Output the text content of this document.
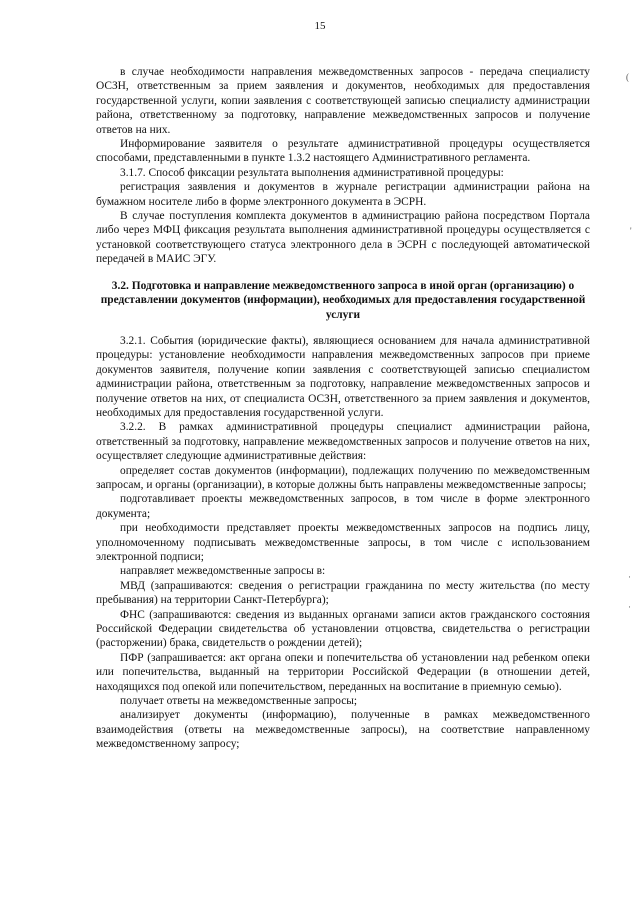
15

в случае необходимости направления межведомственных запросов - передача специалисту ОСЗН, ответственным за прием заявления и документов, необходимых для предоставления государственной услуги, копии заявления с соответствующей записью специалисту администрации района, ответственному за подготовку, направление межведомственных запросов и получение ответов на них.

Информирование заявителя о результате административной процедуры осуществляется способами, представленными в пункте 1.3.2 настоящего Административного регламента.

3.1.7. Способ фиксации результата выполнения административной процедуры:

регистрация заявления и документов в журнале регистрации администрации района на бумажном носителе либо в форме электронного документа в ЭСРН.

В случае поступления комплекта документов в администрацию района посредством Портала либо через МФЦ фиксация результата выполнения административной процедуры осуществляется с установкой соответствующего статуса электронного дела в ЭСРН с последующей автоматической передачей в МАИС ЭГУ.

3.2. Подготовка и направление межведомственного запроса в иной орган (организацию) о представлении документов (информации), необходимых для предоставления государственной услуги

3.2.1. События (юридические факты), являющиеся основанием для начала административной процедуры: установление необходимости направления межведомственных запросов при приеме документов заявителя, получение копии заявления с соответствующей записью специалистом администрации района, ответственным за подготовку, направление межведомственных запросов и получение ответов на них, от специалиста ОСЗН, ответственного за прием заявления и документов, необходимых для предоставления государственной услуги.

3.2.2. В рамках административной процедуры специалист администрации района, ответственный за подготовку, направление межведомственных запросов и получение ответов на них, осуществляет следующие административные действия:

определяет состав документов (информации), подлежащих получению по межведомственным запросам, и органы (организации), в которые должны быть направлены межведомственные запросы;

подготавливает проекты межведомственных запросов, в том числе в форме электронного документа;

при необходимости представляет проекты межведомственных запросов на подпись лицу, уполномоченному подписывать межведомственные запросы, в том числе с использованием электронной подписи;

направляет межведомственные запросы в:

МВД (запрашиваются: сведения о регистрации гражданина по месту жительства (по месту пребывания) на территории Санкт-Петербурга);

ФНС (запрашиваются: сведения из выданных органами записи актов гражданского состояния Российской Федерации свидетельства об установлении отцовства, свидетельства о регистрации (расторжении) брака, свидетельств о рождении детей);

ПФР (запрашивается: акт органа опеки и попечительства об установлении над ребенком опеки или попечительства, выданный на территории Российской Федерации (в отношении детей, находящихся под опекой или попечительством, переданных на воспитание в приемную семью).

получает ответы на межведомственные запросы;

анализирует документы (информацию), полученные в рамках межведомственного взаимодействия (ответы на межведомственные запросы), на соответствие направленному межведомственному запросу;

(
'
·
·
